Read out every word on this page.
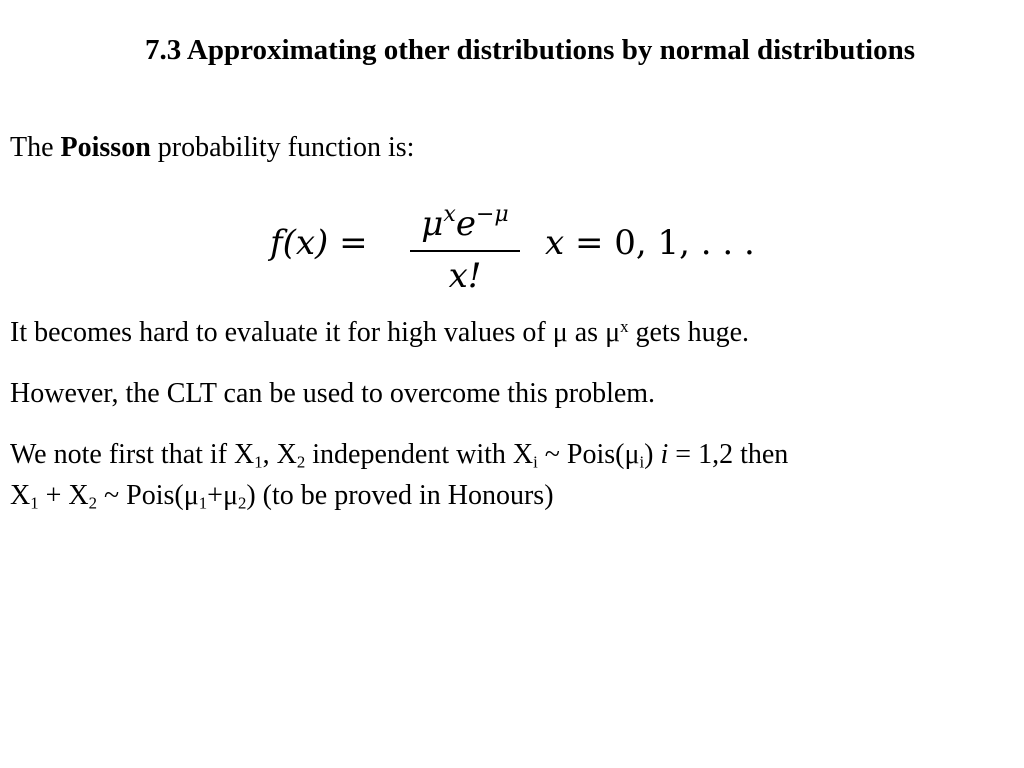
7.3 Approximating other distributions by normal distributions
The Poisson probability function is:
f(x) =	$\mu^xe^{-\mu}$
x!
x = 0, 1, . . .
It becomes hard to evaluate it for high values of μ as $\mu^x$ gets huge.
However, the CLT can be used to overcome this problem.
We note first that if $X_1$, $X_2$ independent with $X_i$ ~ $Pois(\mu_i) i = 1,2$ then
$X_1 + X_2$ ~ $Pois(\mu_1+\mu_2)$ (to be proved in Honours)
